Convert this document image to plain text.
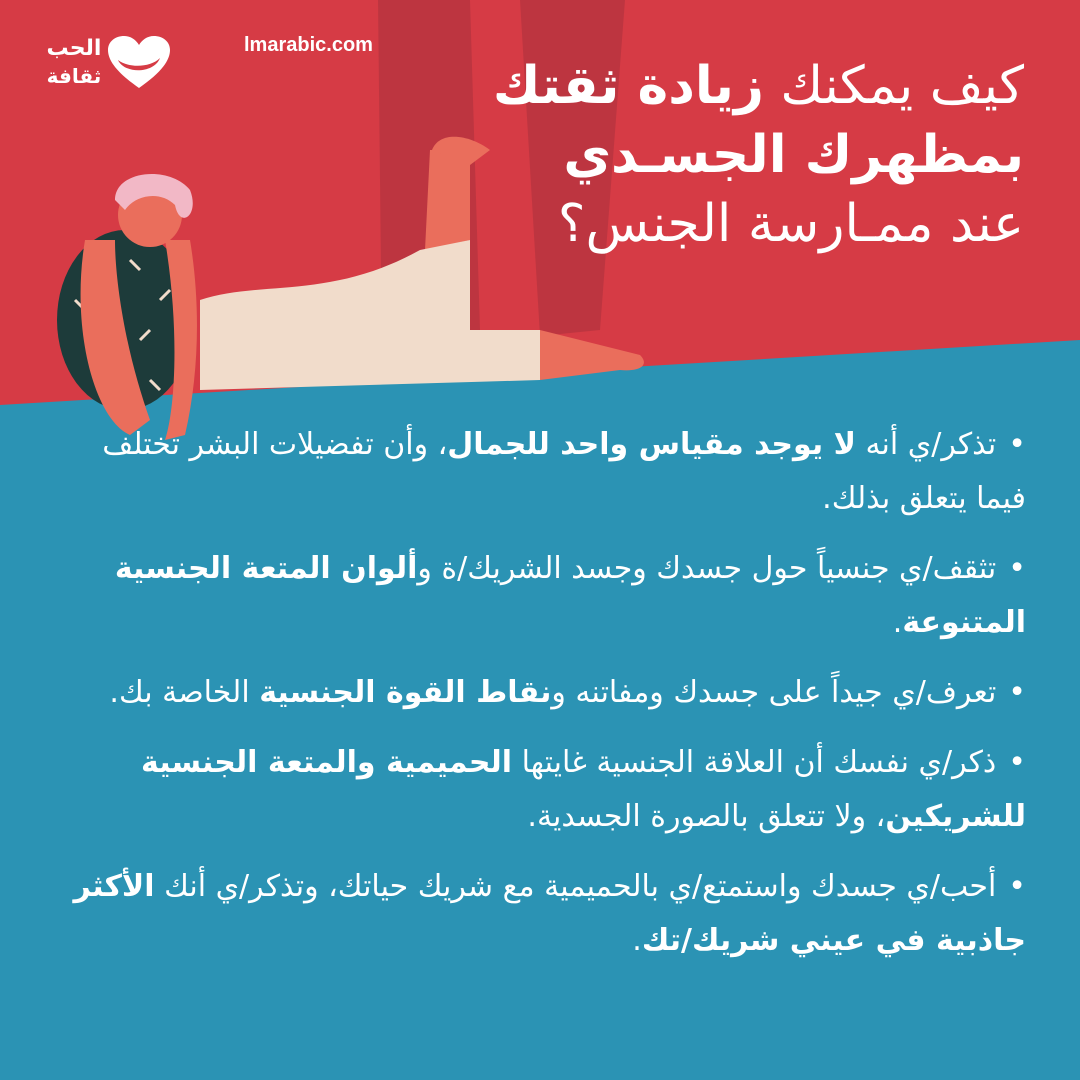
الحب
ثقافة
lmarabic.com
كيف يمكنك زيادة ثقتك بمظهرك الجسـدي عند ممـارسة الجنس؟
•تذكر/ي أنه لا يوجد مقياس واحد للجمال، وأن تفضيلات البشر تختلف فيما يتعلق بذلك.
•تثقف/ي جنسياً حول جسدك وجسد الشريك/ة وألوان المتعة الجنسية المتنوعة.
•تعرف/ي جيداً على جسدك ومفاتنه ونقاط القوة الجنسية الخاصة بك.
•ذكر/ي نفسك أن العلاقة الجنسية غايتها الحميمية والمتعة الجنسية للشريكين، ولا تتعلق بالصورة الجسدية.
•أحب/ي جسدك واستمتع/ي بالحميمية مع شريك حياتك، وتذكر/ي أنك الأكثر جاذبية في عيني شريك/تك.
